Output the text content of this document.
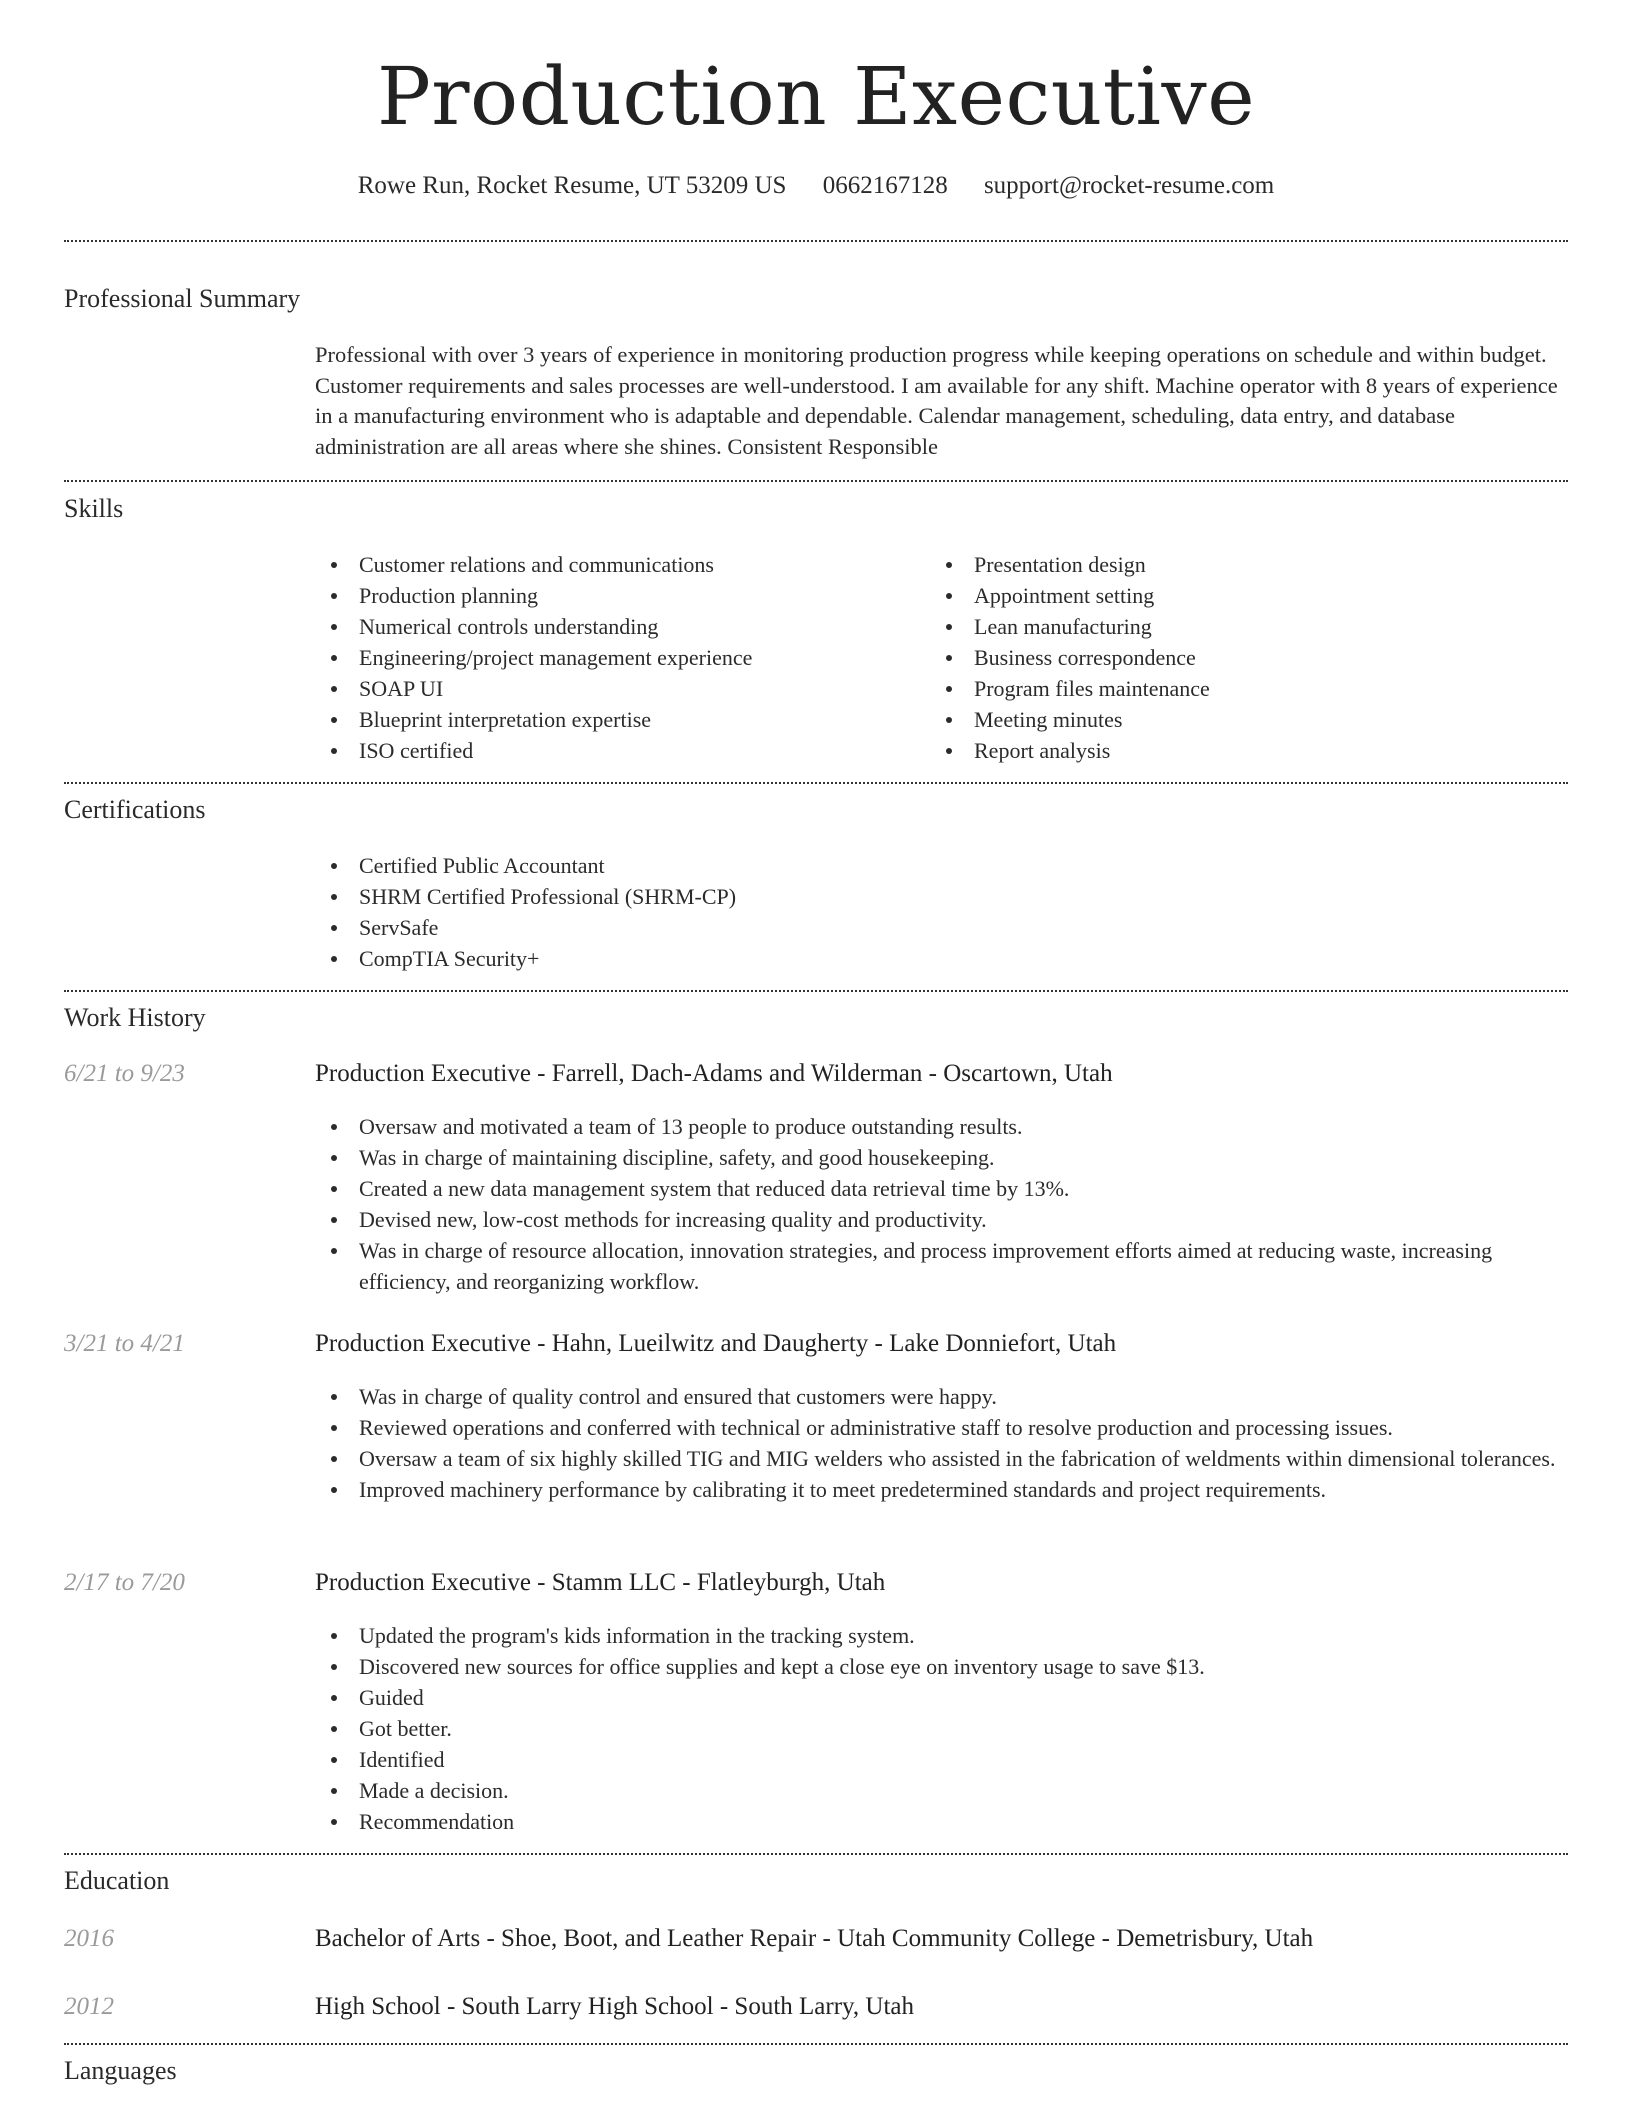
Production Executive
Rowe Run, Rocket Resume, UT 53209 US 0662167128 support@rocket-resume.com
Professional Summary
Professional with over 3 years of experience in monitoring production progress while keeping operations on schedule and within budget. Customer requirements and sales processes are well-understood. I am available for any shift. Machine operator with 8 years of experience in a manufacturing environment who is adaptable and dependable. Calendar management, scheduling, data entry, and database administration are all areas where she shines. Consistent Responsible
Skills
Customer relations and communications
Production planning
Numerical controls understanding
Engineering/project management experience
SOAP UI
Blueprint interpretation expertise
ISO certified
Presentation design
Appointment setting
Lean manufacturing
Business correspondence
Program files maintenance
Meeting minutes
Report analysis
Certifications
Certified Public Accountant
SHRM Certified Professional (SHRM-CP)
ServSafe
CompTIA Security+
Work History
6/21 to 9/23	Production Executive - Farrell, Dach-Adams and Wilderman - Oscartown, Utah
Oversaw and motivated a team of 13 people to produce outstanding results.
Was in charge of maintaining discipline, safety, and good housekeeping.
Created a new data management system that reduced data retrieval time by 13%.
Devised new, low-cost methods for increasing quality and productivity.
Was in charge of resource allocation, innovation strategies, and process improvement efforts aimed at reducing waste, increasing efficiency, and reorganizing workflow.
3/21 to 4/21	Production Executive - Hahn, Lueilwitz and Daugherty - Lake Donniefort, Utah
Was in charge of quality control and ensured that customers were happy.
Reviewed operations and conferred with technical or administrative staff to resolve production and processing issues.
Oversaw a team of six highly skilled TIG and MIG welders who assisted in the fabrication of weldments within dimensional tolerances.
Improved machinery performance by calibrating it to meet predetermined standards and project requirements.
2/17 to 7/20	Production Executive - Stamm LLC - Flatleyburgh, Utah
Updated the program's kids information in the tracking system.
Discovered new sources for office supplies and kept a close eye on inventory usage to save $13.
Guided
Got better.
Identified
Made a decision.
Recommendation
Education
2016	Bachelor of Arts - Shoe, Boot, and Leather Repair - Utah Community College - Demetrisbury, Utah
2012	High School - South Larry High School - South Larry, Utah
Languages
